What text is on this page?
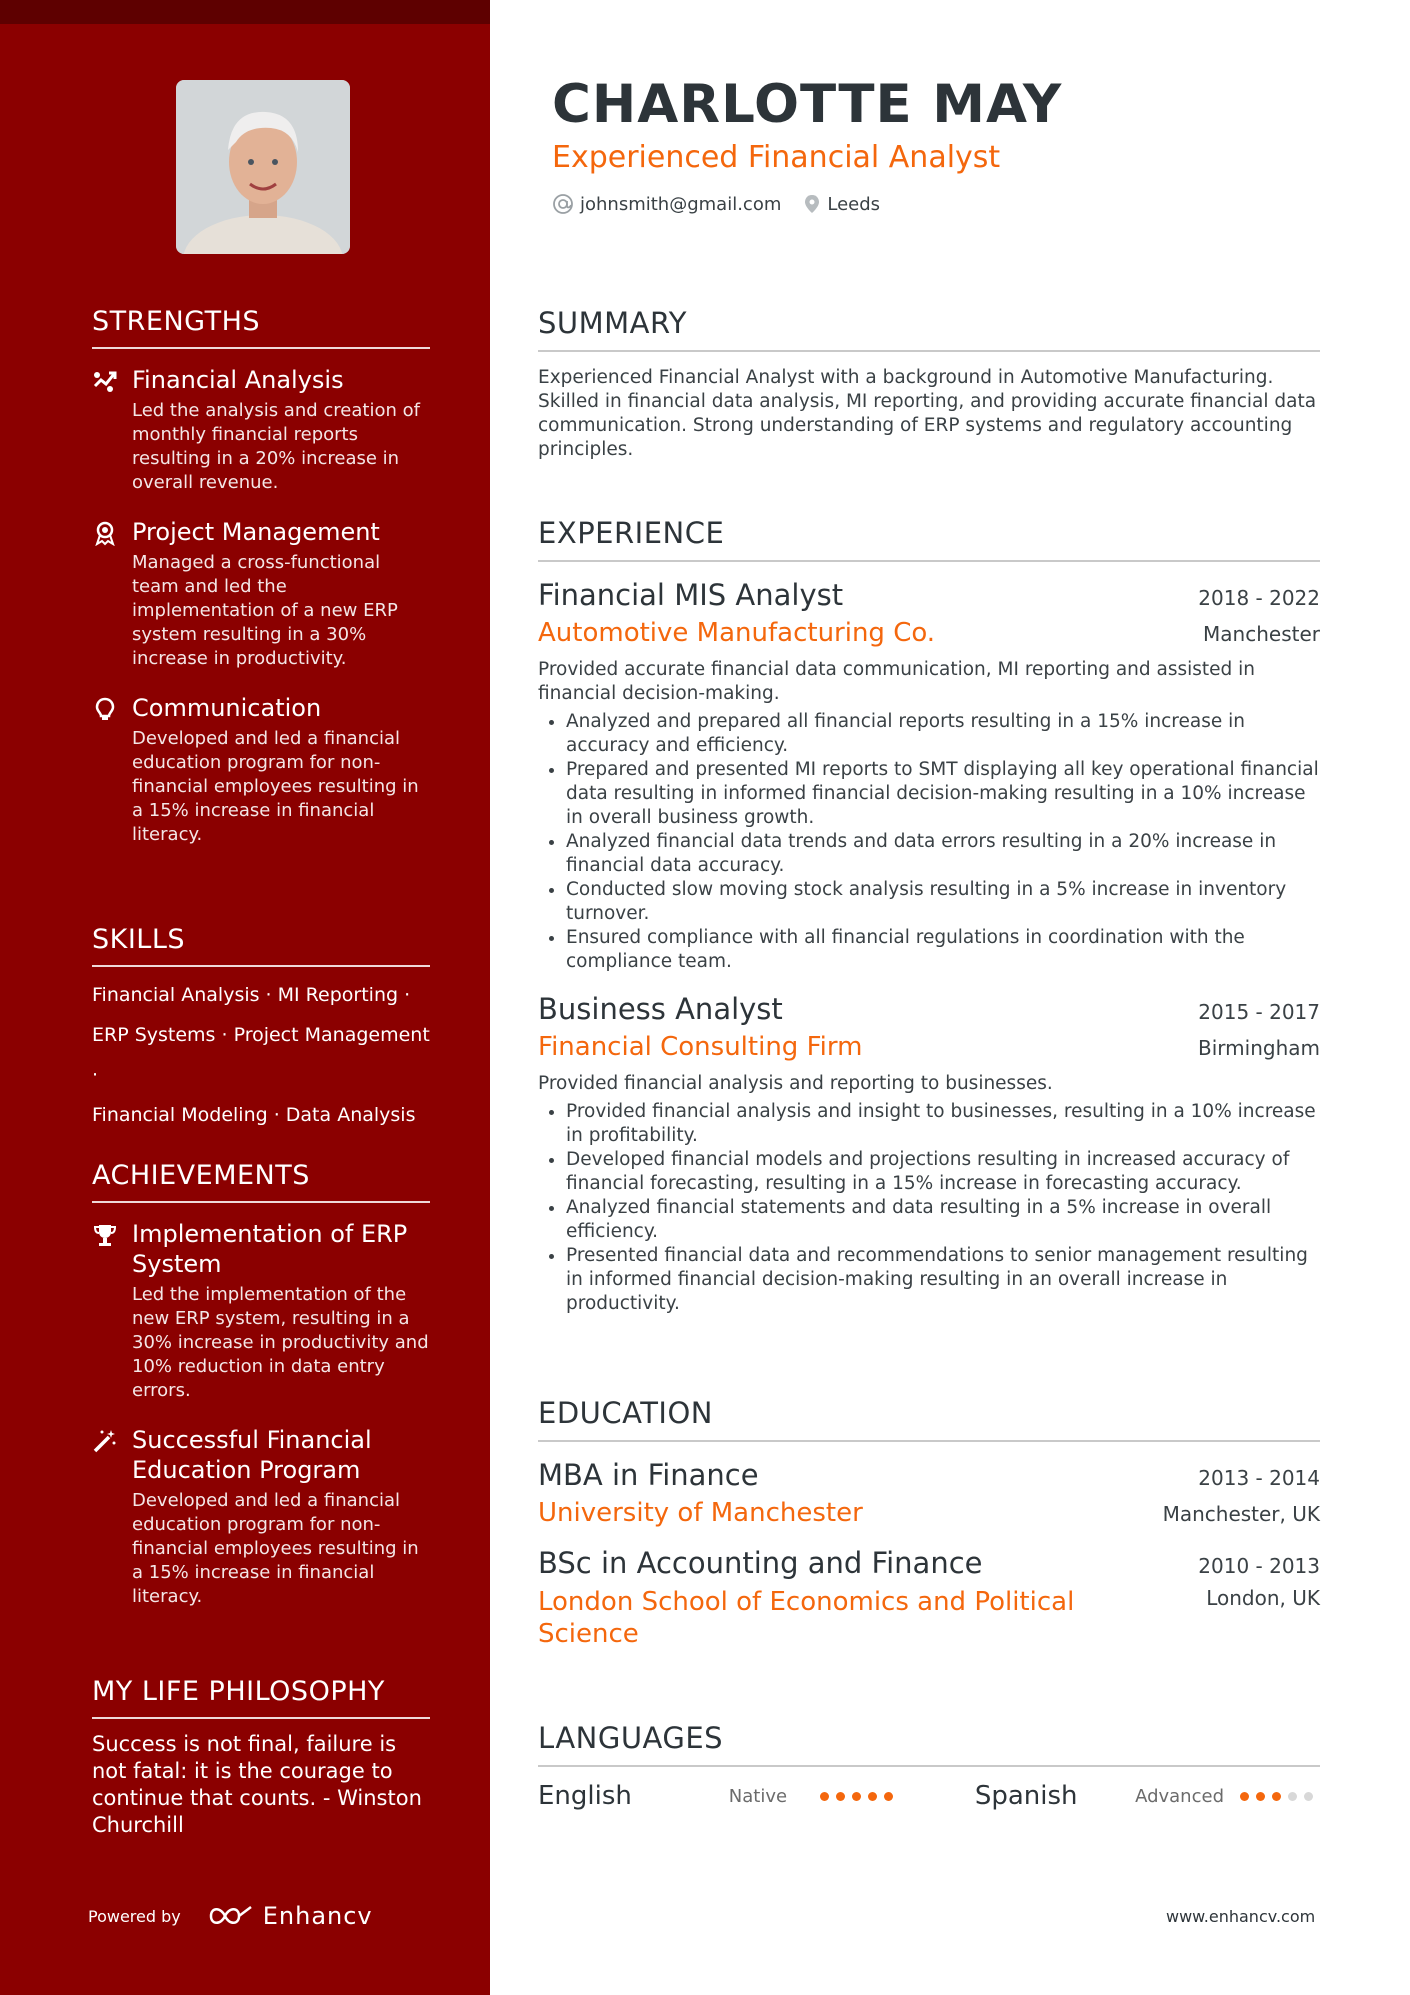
STRENGTHS
Financial Analysis
Led the analysis and creation of monthly financial reports resulting in a 20% increase in overall revenue.
Project Management
Managed a cross-functional team and led the implementation of a new ERP system resulting in a 30% increase in productivity.
Communication
Developed and led a financial education program for non-financial employees resulting in a 15% increase in financial literacy.
SKILLS
Financial Analysis · MI Reporting ·
ERP Systems · Project Management ·
Financial Modeling · Data Analysis
ACHIEVEMENTS
Implementation of ERP System
Led the implementation of the new ERP system, resulting in a 30% increase in productivity and 10% reduction in data entry errors.
Successful Financial Education Program
Developed and led a financial education program for non-financial employees resulting in a 15% increase in financial literacy.
MY LIFE PHILOSOPHY
Success is not final, failure is not fatal: it is the courage to continue that counts. - Winston Churchill
Powered by	Enhancv
CHARLOTTE MAY
Experienced Financial Analyst
johnsmith@gmail.com	Leeds
SUMMARY
Experienced Financial Analyst with a background in Automotive Manufacturing. Skilled in financial data analysis, MI reporting, and providing accurate financial data communication. Strong understanding of ERP systems and regulatory accounting principles.
EXPERIENCE
Financial MIS Analyst	2018 - 2022
Automotive Manufacturing Co.	Manchester
Provided accurate financial data communication, MI reporting and assisted in financial decision-making.
• Analyzed and prepared all financial reports resulting in a 15% increase in accuracy and efficiency.
• Prepared and presented MI reports to SMT displaying all key operational financial data resulting in informed financial decision-making resulting in a 10% increase in overall business growth.
• Analyzed financial data trends and data errors resulting in a 20% increase in financial data accuracy.
• Conducted slow moving stock analysis resulting in a 5% increase in inventory turnover.
• Ensured compliance with all financial regulations in coordination with the compliance team.
Business Analyst	2015 - 2017
Financial Consulting Firm	Birmingham
Provided financial analysis and reporting to businesses.
• Provided financial analysis and insight to businesses, resulting in a 10% increase in profitability.
• Developed financial models and projections resulting in increased accuracy of financial forecasting, resulting in a 15% increase in forecasting accuracy.
• Analyzed financial statements and data resulting in a 5% increase in overall efficiency.
• Presented financial data and recommendations to senior management resulting in informed financial decision-making resulting in an overall increase in productivity.
EDUCATION
MBA in Finance	2013 - 2014
University of Manchester	Manchester, UK
BSc in Accounting and Finance	2010 - 2013
London School of Economics and Political Science
London, UK
LANGUAGES
English	Native	Spanish	Advanced
www.enhancv.com
